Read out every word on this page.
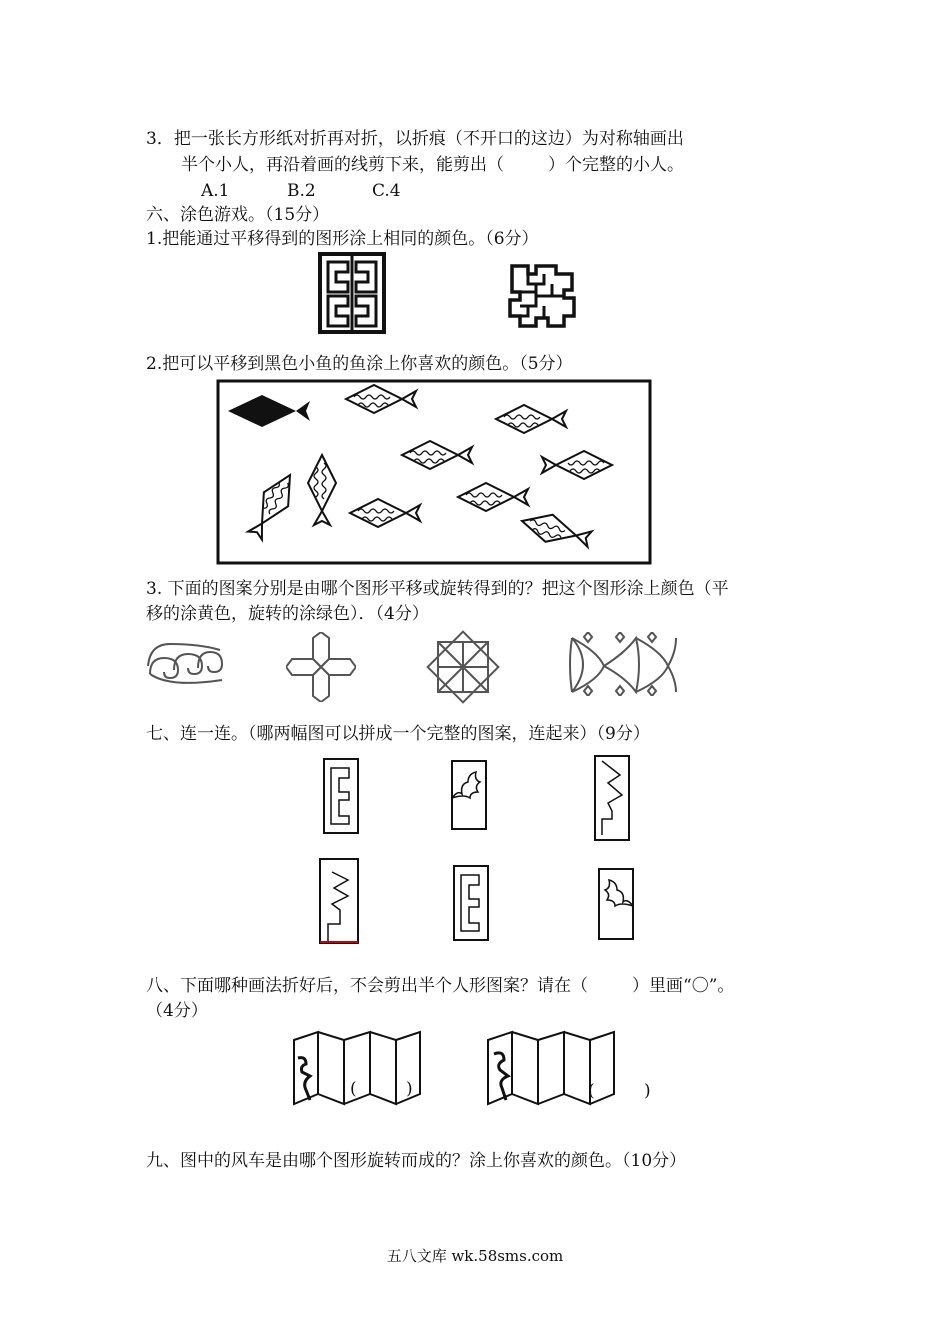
3．把一张长方形纸对折再对折，以折痕（不开口的这边）为对称轴画出
半个小人，再沿着画的线剪下来，能剪出（	）个完整的小人。
A.1	B.2	C.4
六、涂色游戏。（15分）
1.把能通过平移得到的图形涂上相同的颜色。（6分）
2.把可以平移到黑色小鱼的鱼涂上你喜欢的颜色。（5分）
3. 下面的图案分别是由哪个图形平移或旋转得到的？把这个图形涂上颜色（平
移的涂黄色，旋转的涂绿色）．（4分）
七、连一连。（哪两幅图可以拼成一个完整的图案，连起来）（9分）
八、下面哪种画法折好后，不会剪出半个人形图案？请在（	）里画“〇”。
（4分）
(	)	(	)
九、图中的风车是由哪个图形旋转而成的？涂上你喜欢的颜色。（10分）
五八文库 wk.58sms.com
